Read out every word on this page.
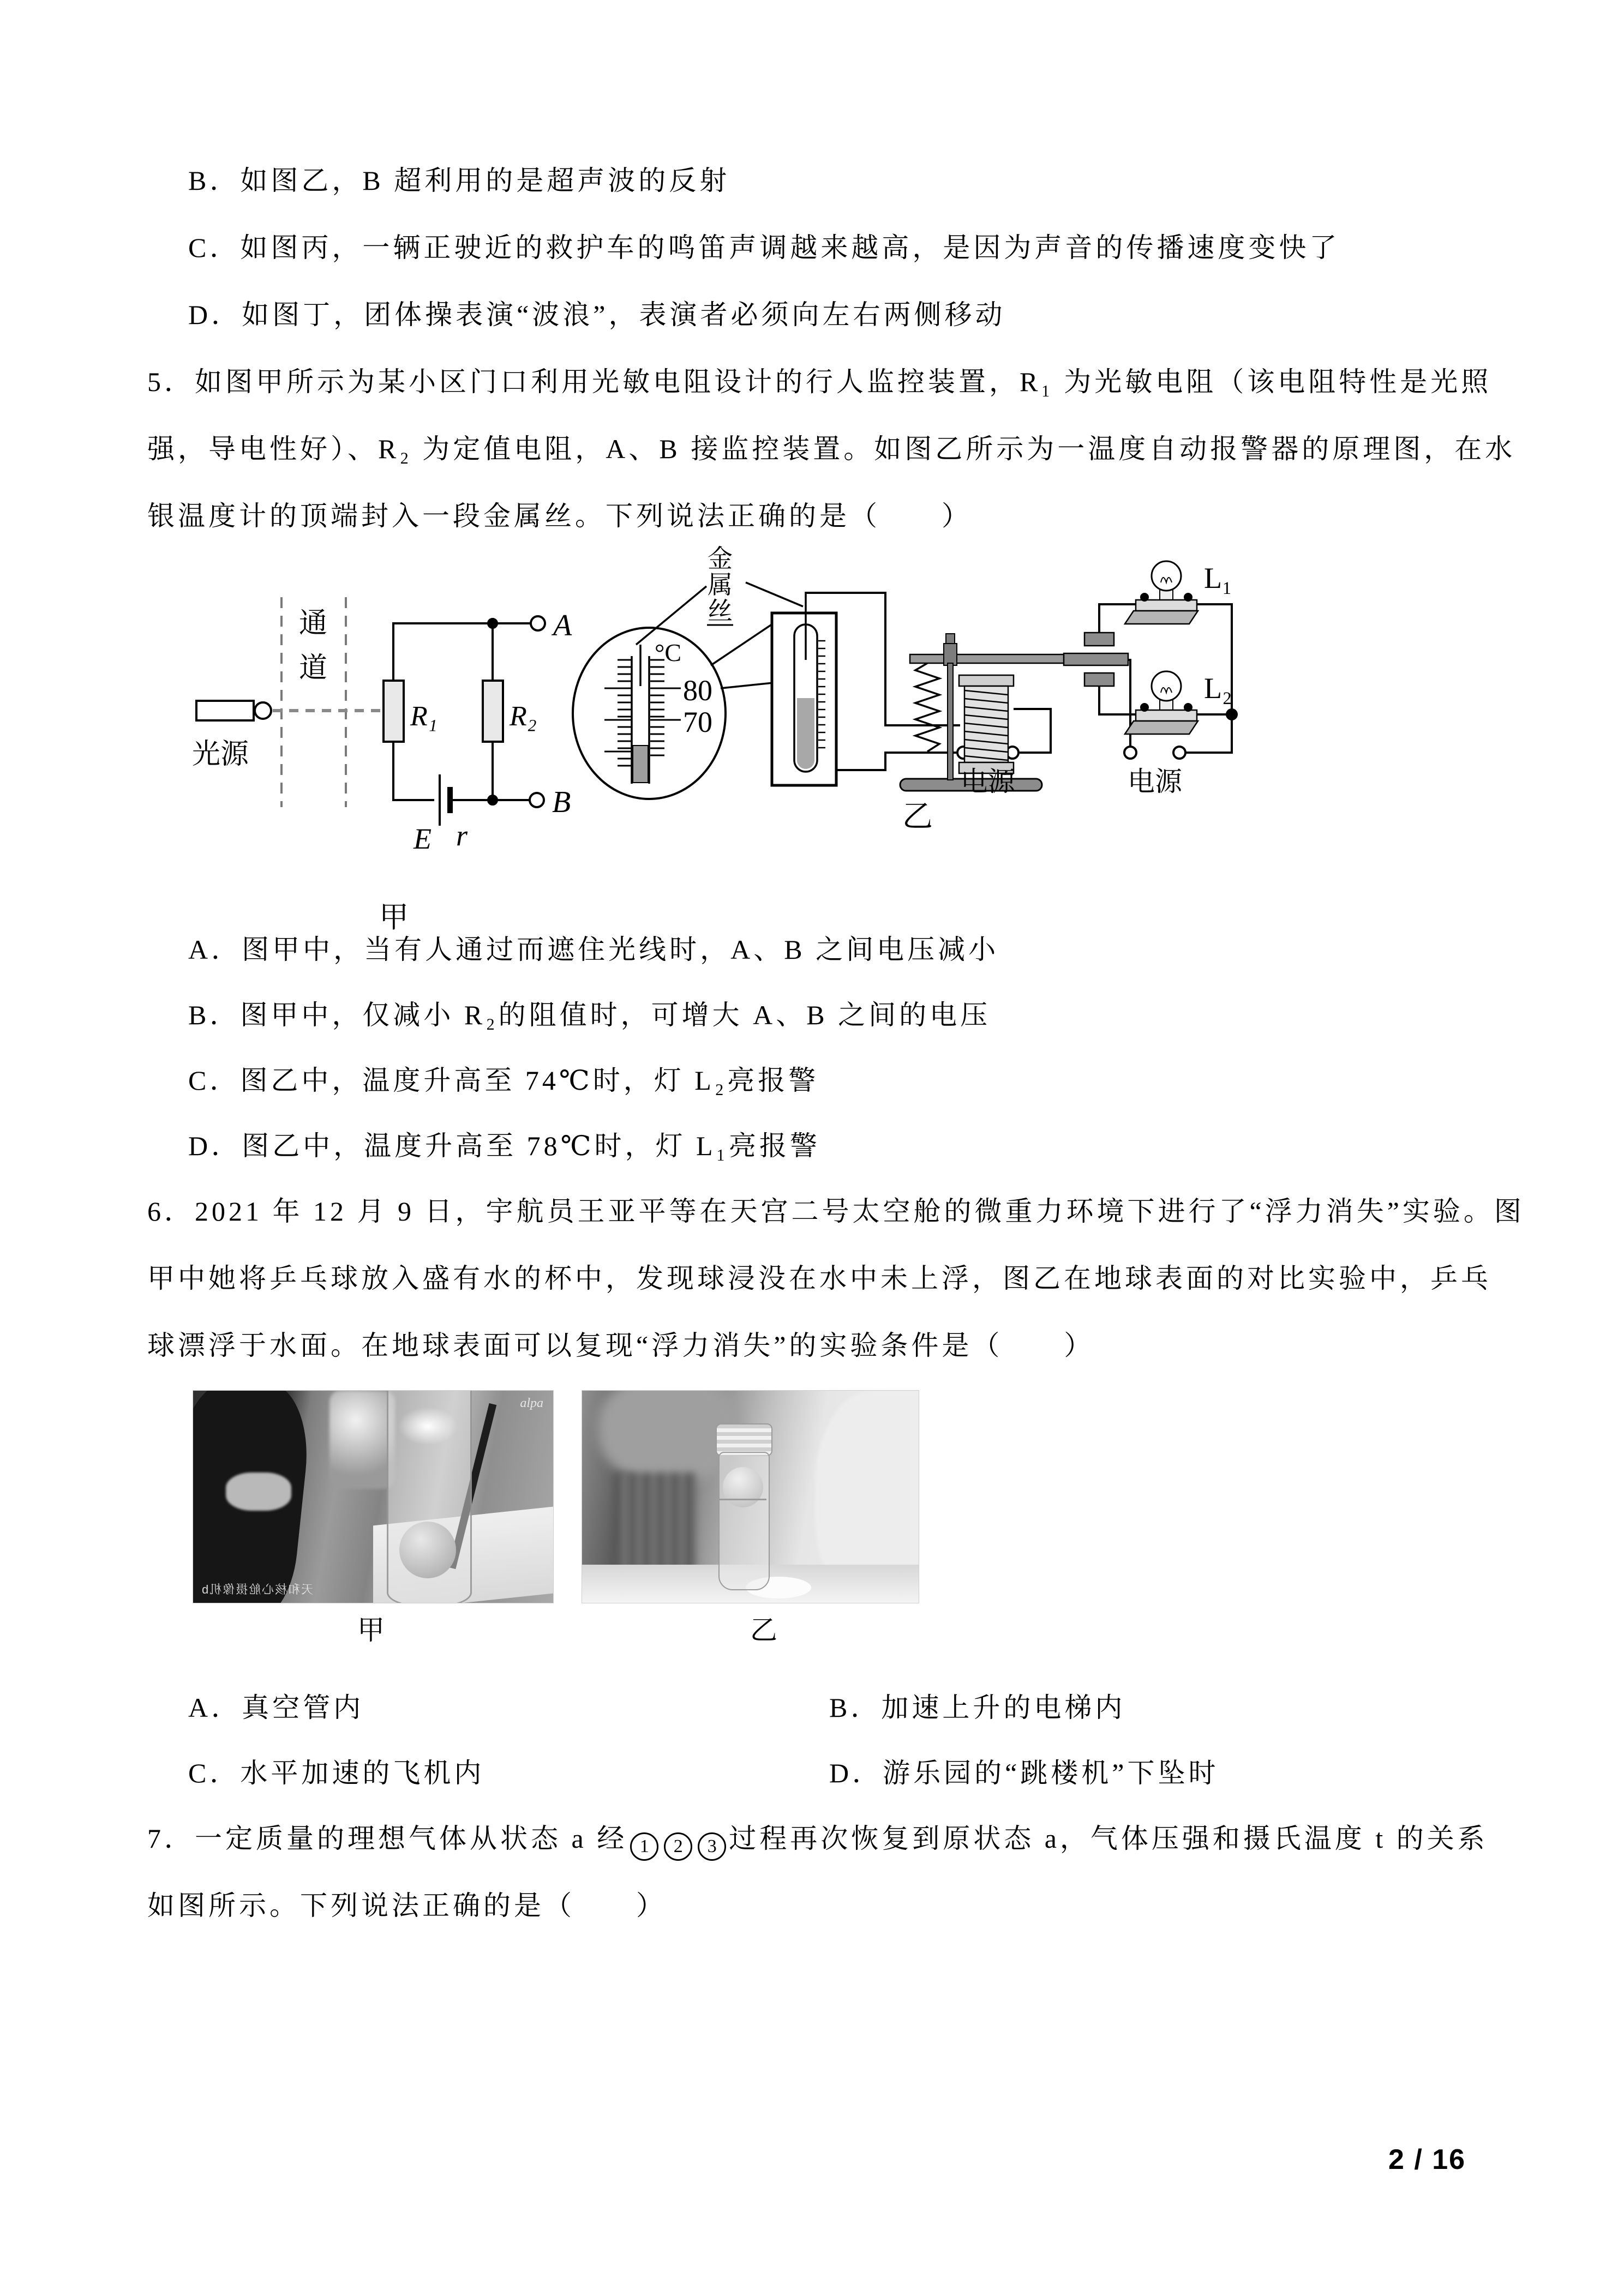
B．如图乙，B 超利用的是超声波的反射
C．如图丙，一辆正驶近的救护车的鸣笛声调越来越高，是因为声音的传播速度变快了
D．如图丁，团体操表演“波浪”，表演者必须向左右两侧移动
5．如图甲所示为某小区门口利用光敏电阻设计的行人监控装置，R₁ 为光敏电阻（该电阻特性是光照
强，导电性好）、R₂ 为定值电阻，A、B 接监控装置。如图乙所示为一温度自动报警器的原理图，在水
银温度计的顶端封入一段金属丝。下列说法正确的是（　　）
A．图甲中，当有人通过而遮住光线时，A、B 之间电压减小
B．图甲中，仅减小 R₂的阻值时，可增大 A、B 之间的电压
C．图乙中，温度升高至 74℃时，灯 L₂亮报警
D．图乙中，温度升高至 78℃时，灯 L₁亮报警
6．2021 年 12 月 9 日，宇航员王亚平等在天宫二号太空舱的微重力环境下进行了“浮力消失”实验。图
甲中她将乒乓球放入盛有水的杯中，发现球浸没在水中未上浮，图乙在地球表面的对比实验中，乒乓
球漂浮于水面。在地球表面可以复现“浮力消失”的实验条件是（　　）
甲	乙
A．真空管内	B．加速上升的电梯内
C．水平加速的飞机内	D．游乐园的“跳楼机”下坠时
7．一定质量的理想气体从状态 a 经 1 2 3 过程再次恢复到原状态 a，气体压强和摄氏温度 t 的关系
如图所示。下列说法正确的是（　　）
2 / 16
通
道
光源
R₁	R₂
A
B
E r
甲
金
属
丝
°C
80
70
电源	电源
L₁
L₂
乙
天和核心舱摄像机b
alpa
